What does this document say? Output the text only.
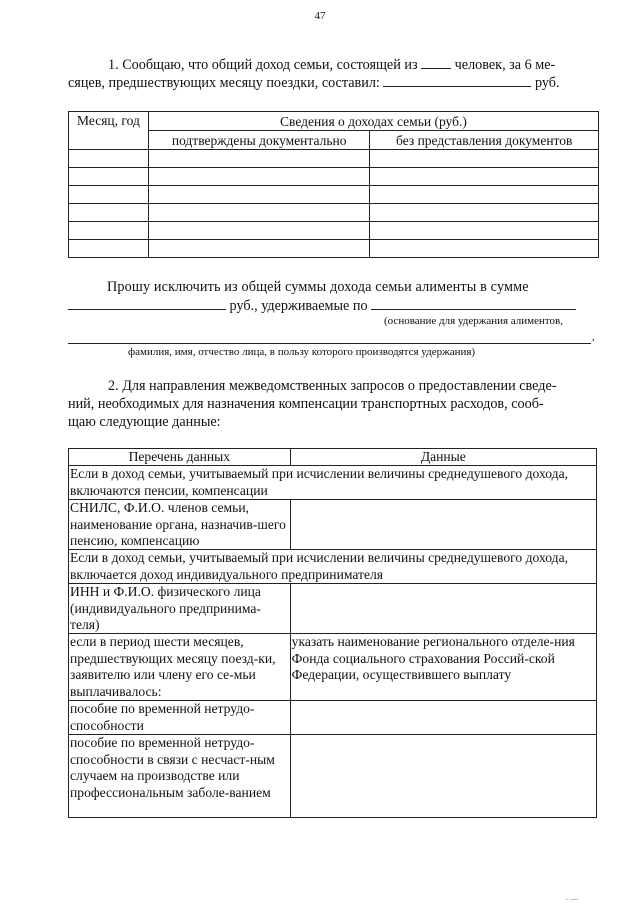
47
1. Сообщаю, что общий доход семьи, состоящей из	человек, за 6 ме-
сяцев, предшествующих месяцу поездки, составил:	руб.
Месяц, год	Сведения о доходах семьи (руб.)	
	подтверждены документально	без представления документов

Прошу исключить из общей суммы дохода семьи алименты в сумме
руб., удерживаемые по
(основание для удержания алиментов,
,
фамилия, имя, отчество лица, в пользу которого производятся удержания)
2. Для направления межведомственных запросов о предоставлении сведе-
ний, необходимых для назначения компенсации транспортных расходов, сооб-
щаю следующие данные:
Перечень данных	Данные
Если в доход семьи, учитываемый при исчислении величины среднедушевого дохода, включаются пенсии, компенсации	
СНИЛС, Ф.И.О. членов семьи, наименование органа, назначив-шего пенсию, компенсацию	
Если в доход семьи, учитываемый при исчислении величины среднедушевого дохода, включается доход индивидуального предпринимателя	
ИНН и Ф.И.О. физического лица (индивидуального предпринима-теля)	
если в период шести месяцев, предшествующих месяцу поезд-ки, заявителю или члену его се-мьи выплачивалось:	указать наименование регионального отделе-ния Фонда социального страхования Россий-ской Федерации, осуществившего выплату
пособие по временной нетрудо-способности	
пособие по временной нетрудо-способности в связи с несчаст-ным случаем на производстве или профессиональным заболе-ванием	
. ....
